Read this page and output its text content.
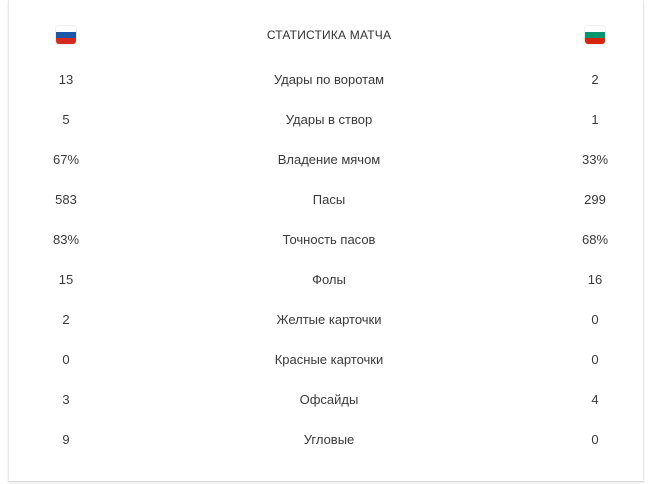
СТАТИСТИКА МАТЧА
13	Удары по воротам	2
5	Удары в створ	1
67%	Владение мячом	33%
583	Пасы	299
83%	Точность пасов	68%
15	Фолы	16
2	Желтые карточки	0
0	Красные карточки	0
3	Офсайды	4
9	Угловые	0
